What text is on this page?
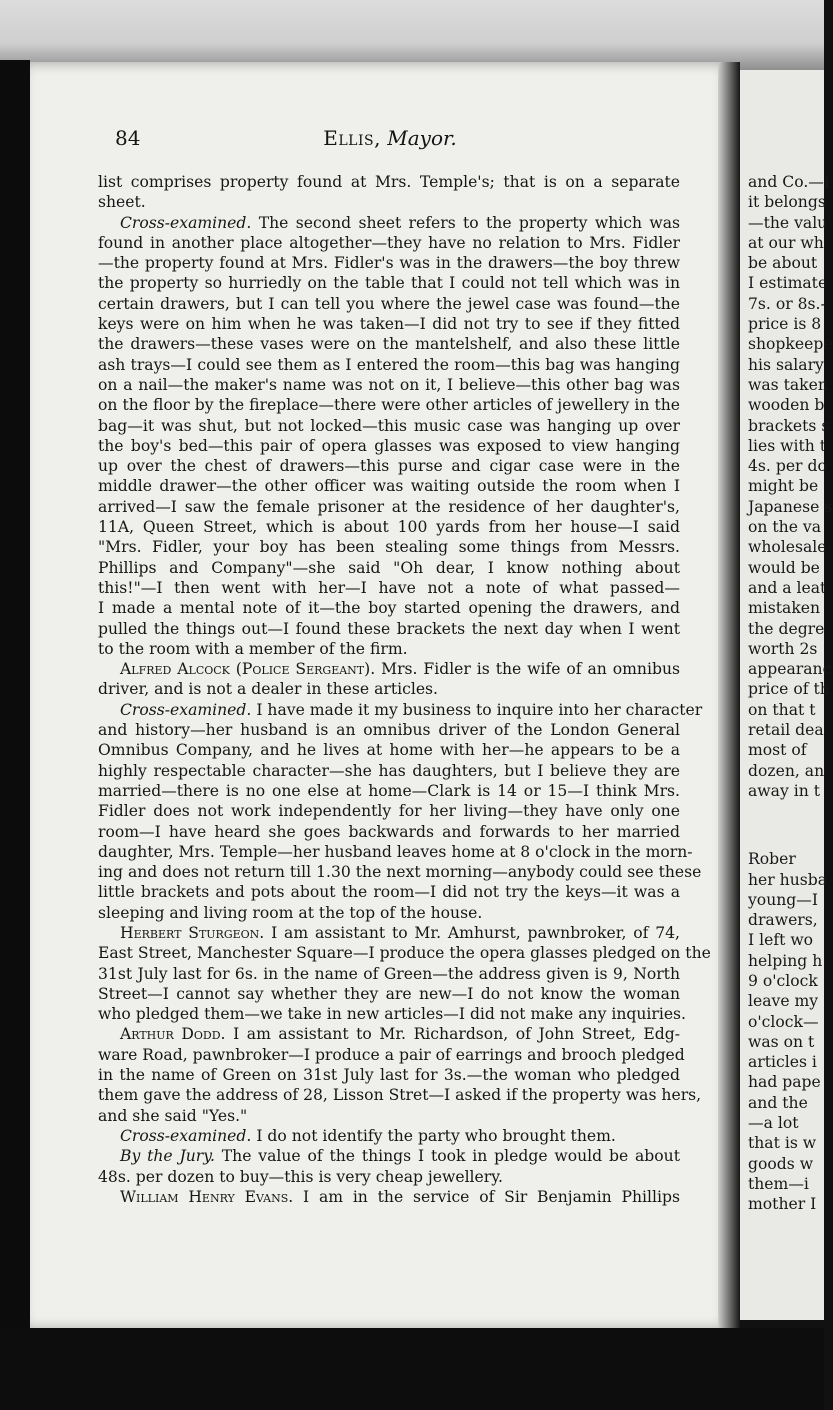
84	Ellis, Mayor.
list comprises property found at Mrs. Temple's; that is on a separate
sheet.
Cross-examined. The second sheet refers to the property which was
found in another place altogether—they have no relation to Mrs. Fidler
—the property found at Mrs. Fidler's was in the drawers—the boy threw
the property so hurriedly on the table that I could not tell which was in
certain drawers, but I can tell you where the jewel case was found—the
keys were on him when he was taken—I did not try to see if they fitted
the drawers—these vases were on the mantelshelf, and also these little
ash trays—I could see them as I entered the room—this bag was hanging
on a nail—the maker's name was not on it, I believe—this other bag was
on the floor by the fireplace—there were other articles of jewellery in the
bag—it was shut, but not locked—this music case was hanging up over
the boy's bed—this pair of opera glasses was exposed to view hanging
up over the chest of drawers—this purse and cigar case were in the
middle drawer—the other officer was waiting outside the room when I
arrived—I saw the female prisoner at the residence of her daughter's,
11A, Queen Street, which is about 100 yards from her house—I said
"Mrs. Fidler, your boy has been stealing some things from Messrs.
Phillips and Company"—she said "Oh dear, I know nothing about
this!"—I then went with her—I have not a note of what passed—
I made a mental note of it—the boy started opening the drawers, and
pulled the things out—I found these brackets the next day when I went
to the room with a member of the firm.
Alfred Alcock (Police Sergeant). Mrs. Fidler is the wife of an omnibus
driver, and is not a dealer in these articles.
Cross-examined. I have made it my business to inquire into her character
and history—her husband is an omnibus driver of the London General
Omnibus Company, and he lives at home with her—he appears to be a
highly respectable character—she has daughters, but I believe they are
married—there is no one else at home—Clark is 14 or 15—I think Mrs.
Fidler does not work independently for her living—they have only one
room—I have heard she goes backwards and forwards to her married
daughter, Mrs. Temple—her husband leaves home at 8 o'clock in the morn-
ing and does not return till 1.30 the next morning—anybody could see these
little brackets and pots about the room—I did not try the keys—it was a
sleeping and living room at the top of the house.
Herbert Sturgeon. I am assistant to Mr. Amhurst, pawnbroker, of 74,
East Street, Manchester Square—I produce the opera glasses pledged on the
31st July last for 6s. in the name of Green—the address given is 9, North
Street—I cannot say whether they are new—I do not know the woman
who pledged them—we take in new articles—I did not make any inquiries.
Arthur Dodd. I am assistant to Mr. Richardson, of John Street, Edg-
ware Road, pawnbroker—I produce a pair of earrings and brooch pledged
in the name of Green on 31st July last for 3s.—the woman who pledged
them gave the address of 28, Lisson Stret—I asked if the property was hers,
and she said "Yes."
Cross-examined. I do not identify the party who brought them.
By the Jury. The value of the things I took in pledge would be about
48s. per dozen to buy—this is very cheap jewellery.
William Henry Evans. I am in the service of Sir Benjamin Phillips
and Co.—I
it belongs
—the valu
at our wh
be about
I estimate
7s. or 8s.-
price is 8
shopkeepe
his salary
was taken
wooden b
brackets s
lies with t
4s. per do
might be
Japanese s
on the va
wholesale-
would be
and a leat
mistaken
the degre
worth 2s
appearanc
price of th
on that t
retail dea
most of
dozen, an
away in t
Rober
her husba
young—I
drawers,
I left wo
helping h
9 o'clock
leave my
o'clock—
was on t
articles i
had pape
and the
—a lot
that is w
goods w
them—i
mother I
